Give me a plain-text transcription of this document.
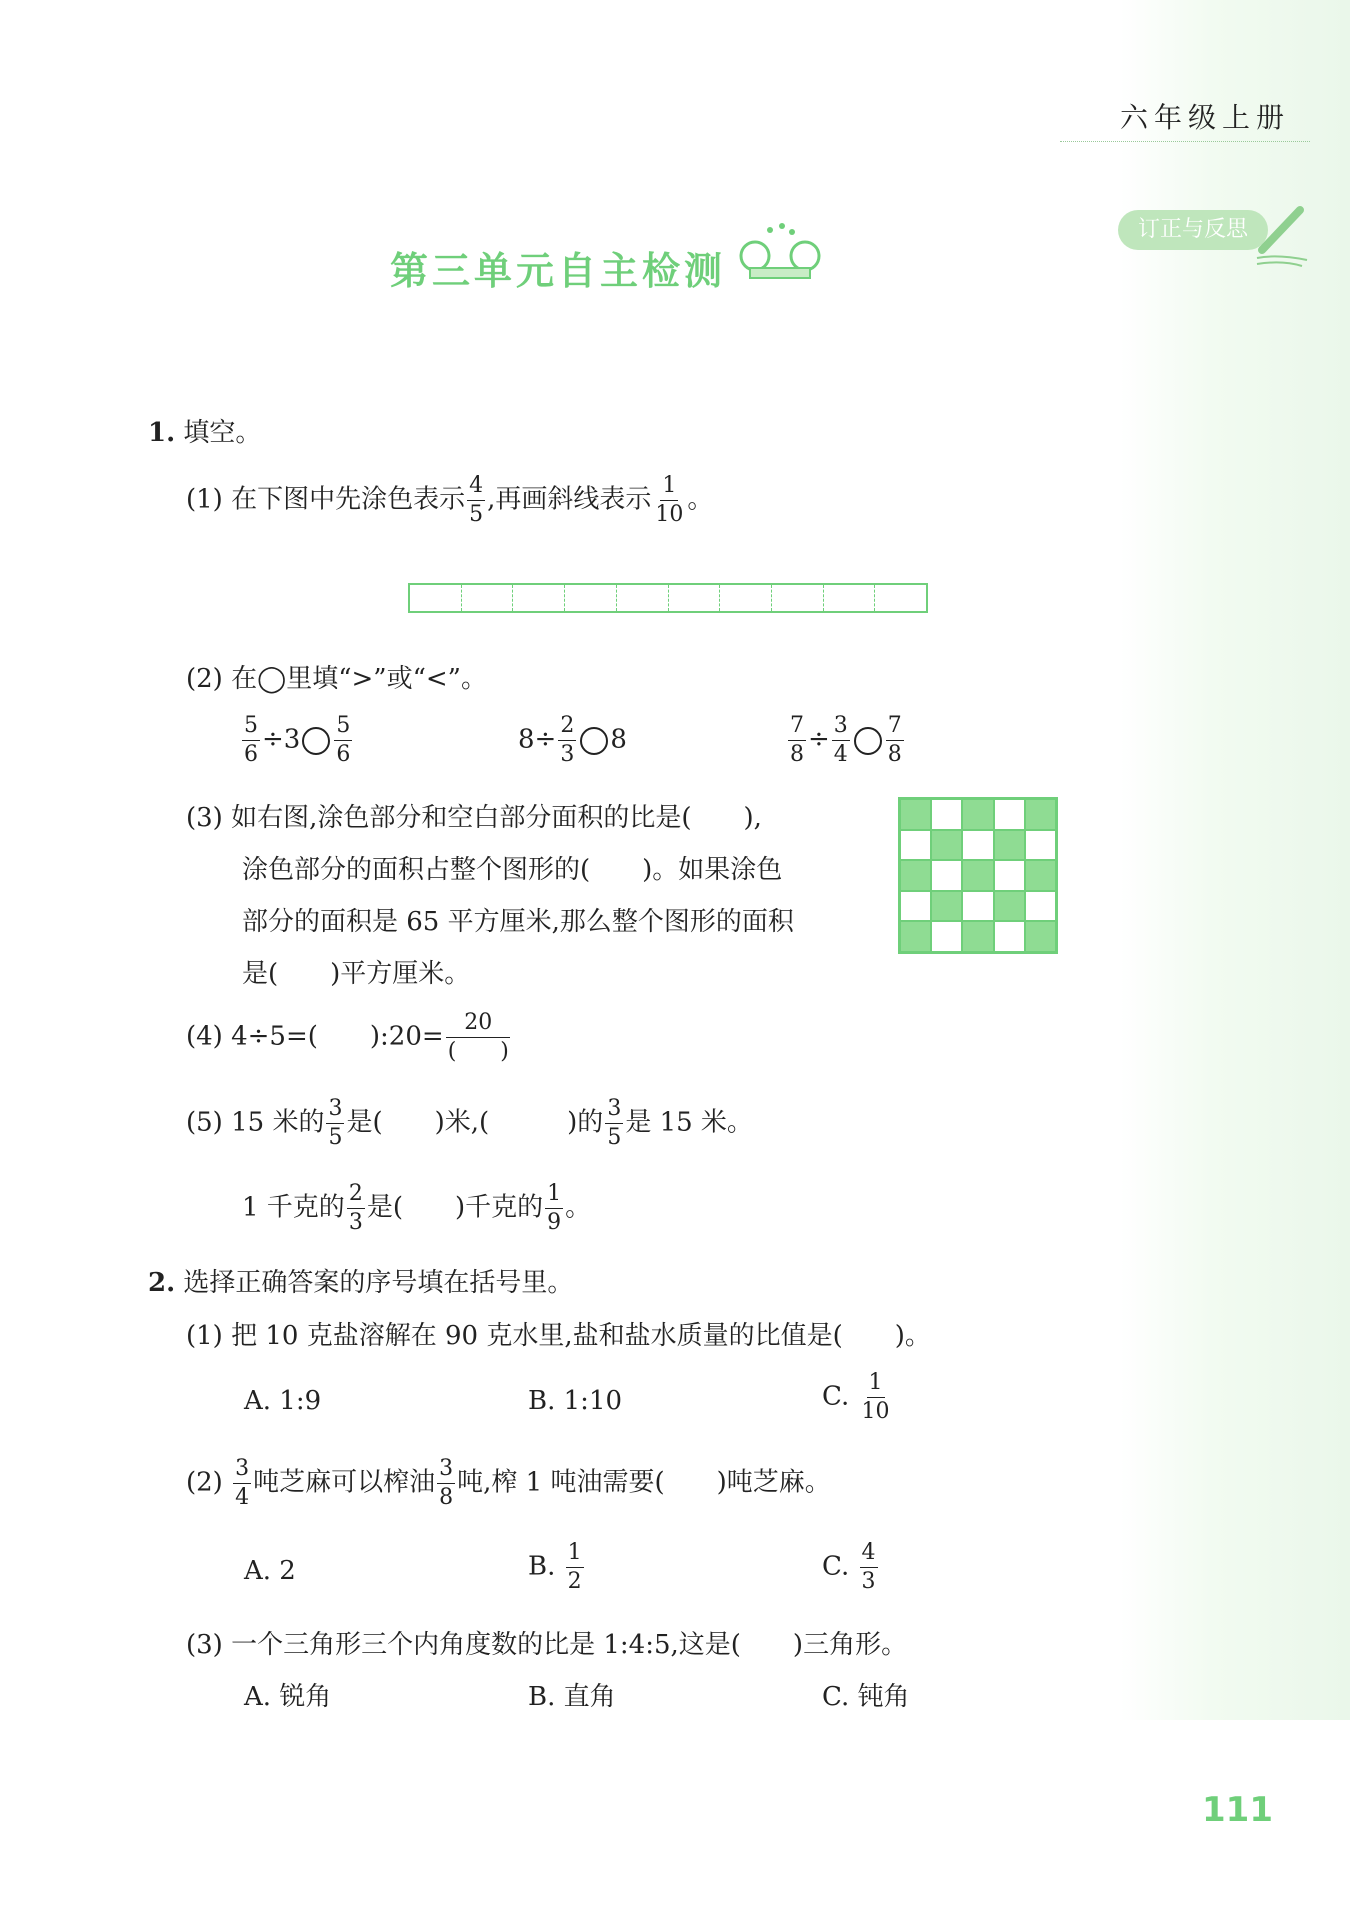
六年级上册
订正与反思
第三单元自主检测
1. 填空。
(1) 在下图中先涂色表示 $\frac{4}{5}$ ,再画斜线表示 $\frac{1}{10}$ 。
(2) 在◯里填“>”或“<”。
$\frac{5}{6} \div 3 \frac{5}{6}$	$8\div \frac{2}{3} 8$	$\frac{7}{8} \div \frac{3}{4} \frac{7}{8}$
(3) 如右图,涂色部分和空白部分面积的比是(　　),
涂色部分的面积占整个图形的(　　)。如果涂色
部分的面积是 65 平方厘米,那么整个图形的面积
是(　　)平方厘米。
(4) 4÷5=(　　):20= $\frac{20}{( )}$
(5) 15 米的 $\frac{3}{5}$ 是(　　)米,(　　　)的 $\frac{3}{5}$ 是 15 米。
1 千克的 $\frac{2}{3}$ 是(　　)千克的 $\frac{1}{9}$ 。
2. 选择正确答案的序号填在括号里。
(1) 把 10 克盐溶解在 90 克水里,盐和盐水质量的比值是(　　)。
A. 1:9	B. 1:10	C. $\frac{1}{10}$
$(2) \frac{3}{4}$ 吨芝麻可以榨油 $\frac{3}{8}$ 吨,榨 1 吨油需要(　　)吨芝麻。
A. 2	B. $\frac{1}{2}$	C. $\frac{4}{3}$
(3) 一个三角形三个内角度数的比是 1:4:5,这是(　　)三角形。
A. 锐角	B. 直角	C. 钝角
111
